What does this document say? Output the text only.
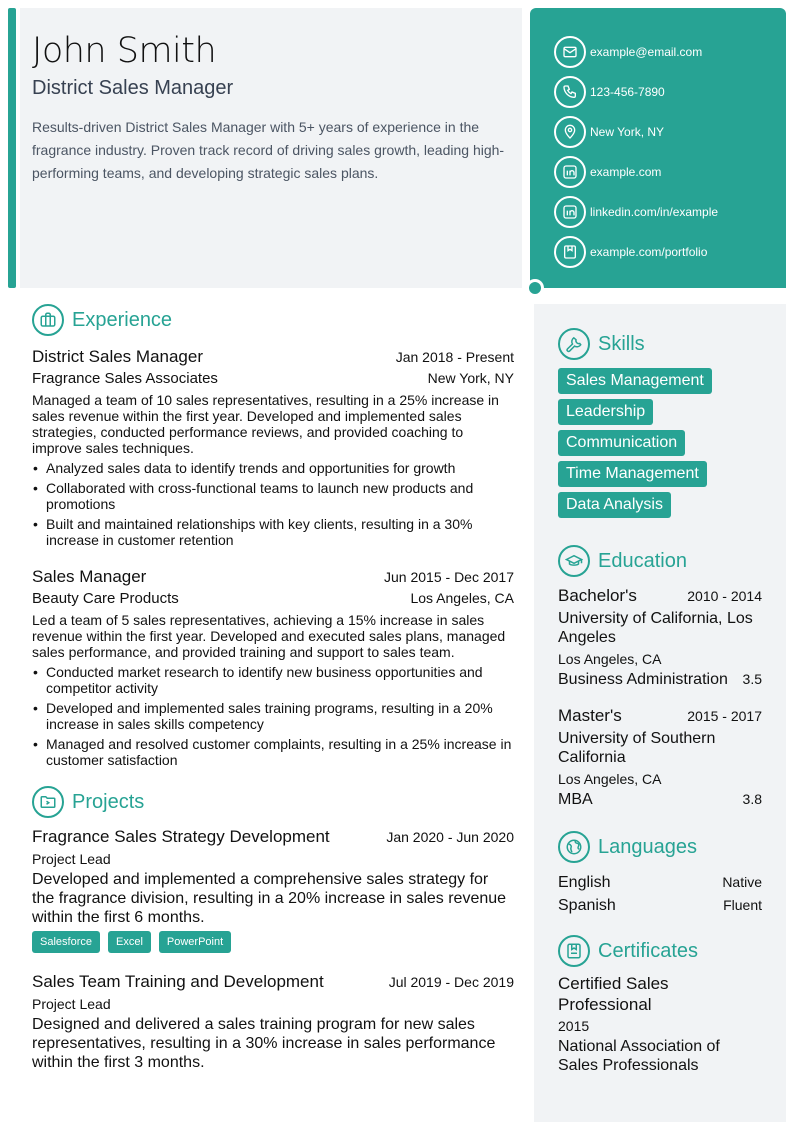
John Smith
District Sales Manager

Results-driven District Sales Manager with 5+ years of experience in the fragrance industry. Proven track record of driving sales growth, leading high-performing teams, and developing strategic sales plans.

example@email.com
123-456-7890
New York, NY
example.com
linkedin.com/in/example
example.com/portfolio
Experience
District Sales Manager	Jan 2018 - Present
Fragrance Sales Associates	New York, NY

Managed a team of 10 sales representatives, resulting in a 25% increase in sales revenue within the first year. Developed and implemented sales strategies, conducted performance reviews, and provided coaching to improve sales techniques.

• Analyzed sales data to identify trends and opportunities for growth
• Collaborated with cross-functional teams to launch new products and promotions
• Built and maintained relationships with key clients, resulting in a 30% increase in customer retention
Sales Manager	Jun 2015 - Dec 2017
Beauty Care Products	Los Angeles, CA

Led a team of 5 sales representatives, achieving a 15% increase in sales revenue within the first year. Developed and executed sales plans, managed sales performance, and provided training and support to sales team.

• Conducted market research to identify new business opportunities and competitor activity
• Developed and implemented sales training programs, resulting in a 20% increase in sales skills competency
• Managed and resolved customer complaints, resulting in a 25% increase in customer satisfaction
Projects
Fragrance Sales Strategy Development	Jan 2020 - Jun 2020
Project Lead

Developed and implemented a comprehensive sales strategy for the fragrance division, resulting in a 20% increase in sales revenue within the first 6 months.

Salesforce	Excel	PowerPoint
Sales Team Training and Development	Jul 2019 - Dec 2019
Project Lead

Designed and delivered a sales training program for new sales representatives, resulting in a 30% increase in sales performance within the first 3 months.

Skills
Sales Management
Leadership
Communication
Time Management
Data Analysis
Education
Bachelor's	2010 - 2014
University of California, Los Angeles
Los Angeles, CA
Business Administration 3.5
Master's	2015 - 2017
University of Southern California
Los Angeles, CA
MBA	3.8
Languages
English	Native
Spanish	Fluent
Certificates
Certified Sales Professional
2015
National Association of Sales Professionals
